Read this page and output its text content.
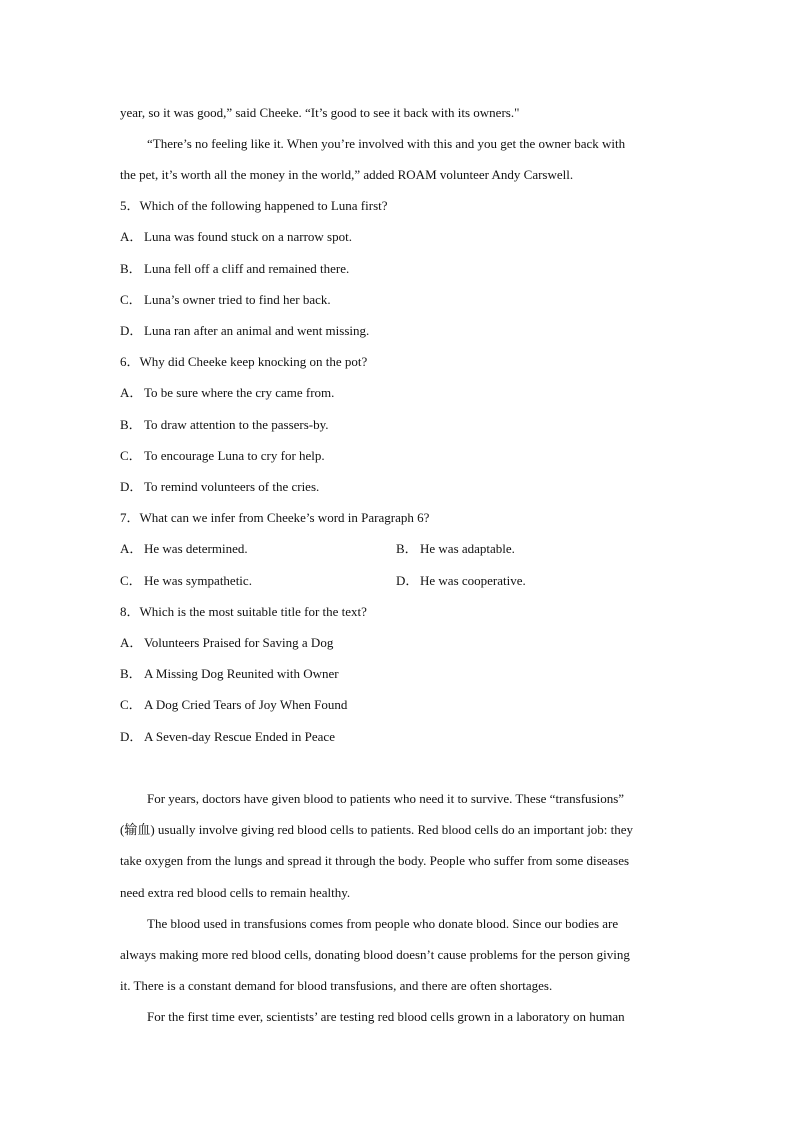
year, so it was good,” said Cheeke. “It’s good to see it back with its owners."
“There’s no feeling like it. When you’re involved with this and you get the owner back with
the pet, it’s worth all the money in the world,” added ROAM volunteer Andy Carswell.
5．Which of the following happened to Luna first?
A． Luna was found stuck on a narrow spot.
B． Luna fell off a cliff and remained there.
C． Luna’s owner tried to find her back.
D． Luna ran after an animal and went missing.
6．Why did Cheeke keep knocking on the pot?
A． To be sure where the cry came from.
B． To draw attention to the passers-by.
C． To encourage Luna to cry for help.
D． To remind volunteers of the cries.
7．What can we infer from Cheeke’s word in Paragraph 6?
A． He was determined.	B． He was adaptable.
C． He was sympathetic.	D． He was cooperative.
8．Which is the most suitable title for the text?
A． Volunteers Praised for Saving a Dog
B． A Missing Dog Reunited with Owner
C． A Dog Cried Tears of Joy When Found
D． A Seven-day Rescue Ended in Peace
For years, doctors have given blood to patients who need it to survive. These “transfusions”
(输血) usually involve giving red blood cells to patients. Red blood cells do an important job: they
take oxygen from the lungs and spread it through the body. People who suffer from some diseases
need extra red blood cells to remain healthy.
The blood used in transfusions comes from people who donate blood. Since our bodies are
always making more red blood cells, donating blood doesn’t cause problems for the person giving
it. There is a constant demand for blood transfusions, and there are often shortages.
For the first time ever, scientists’ are testing red blood cells grown in a laboratory on human
